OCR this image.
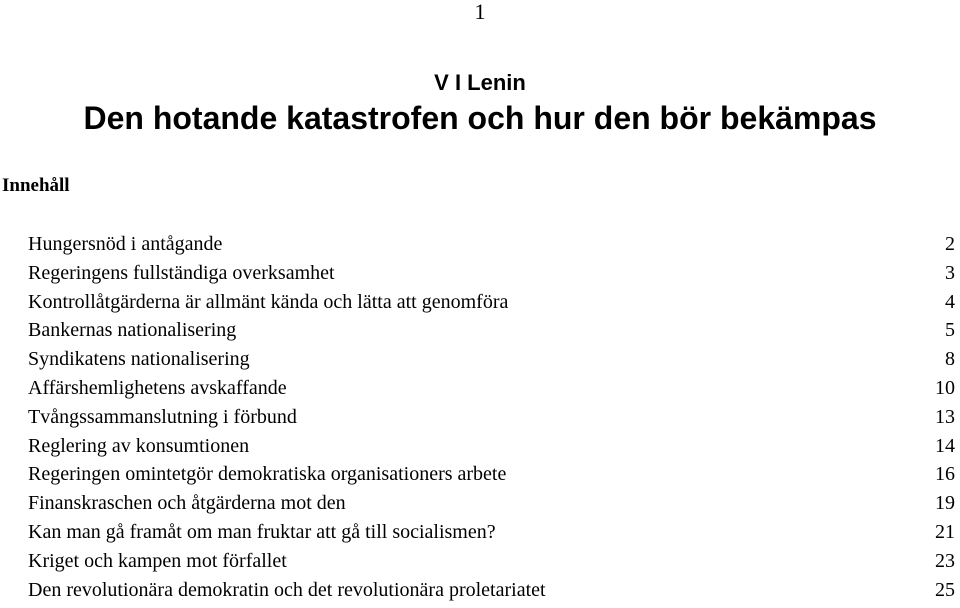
1
V I Lenin
Den hotande katastrofen och hur den bör bekämpas
Innehåll
Hungersnöd i antågande	2
Regeringens fullständiga overksamhet	3
Kontrollåtgärderna är allmänt kända och lätta att genomföra	4
Bankernas nationalisering	5
Syndikatens nationalisering	8
Affärshemlighetens avskaffande	10
Tvångssammanslutning i förbund	13
Reglering av konsumtionen	14
Regeringen omintetgör demokratiska organisationers arbete	16
Finanskraschen och åtgärderna mot den	19
Kan man gå framåt om man fruktar att gå till socialismen?	21
Kriget och kampen mot förfallet	23
Den revolutionära demokratin och det revolutionära proletariatet	25
